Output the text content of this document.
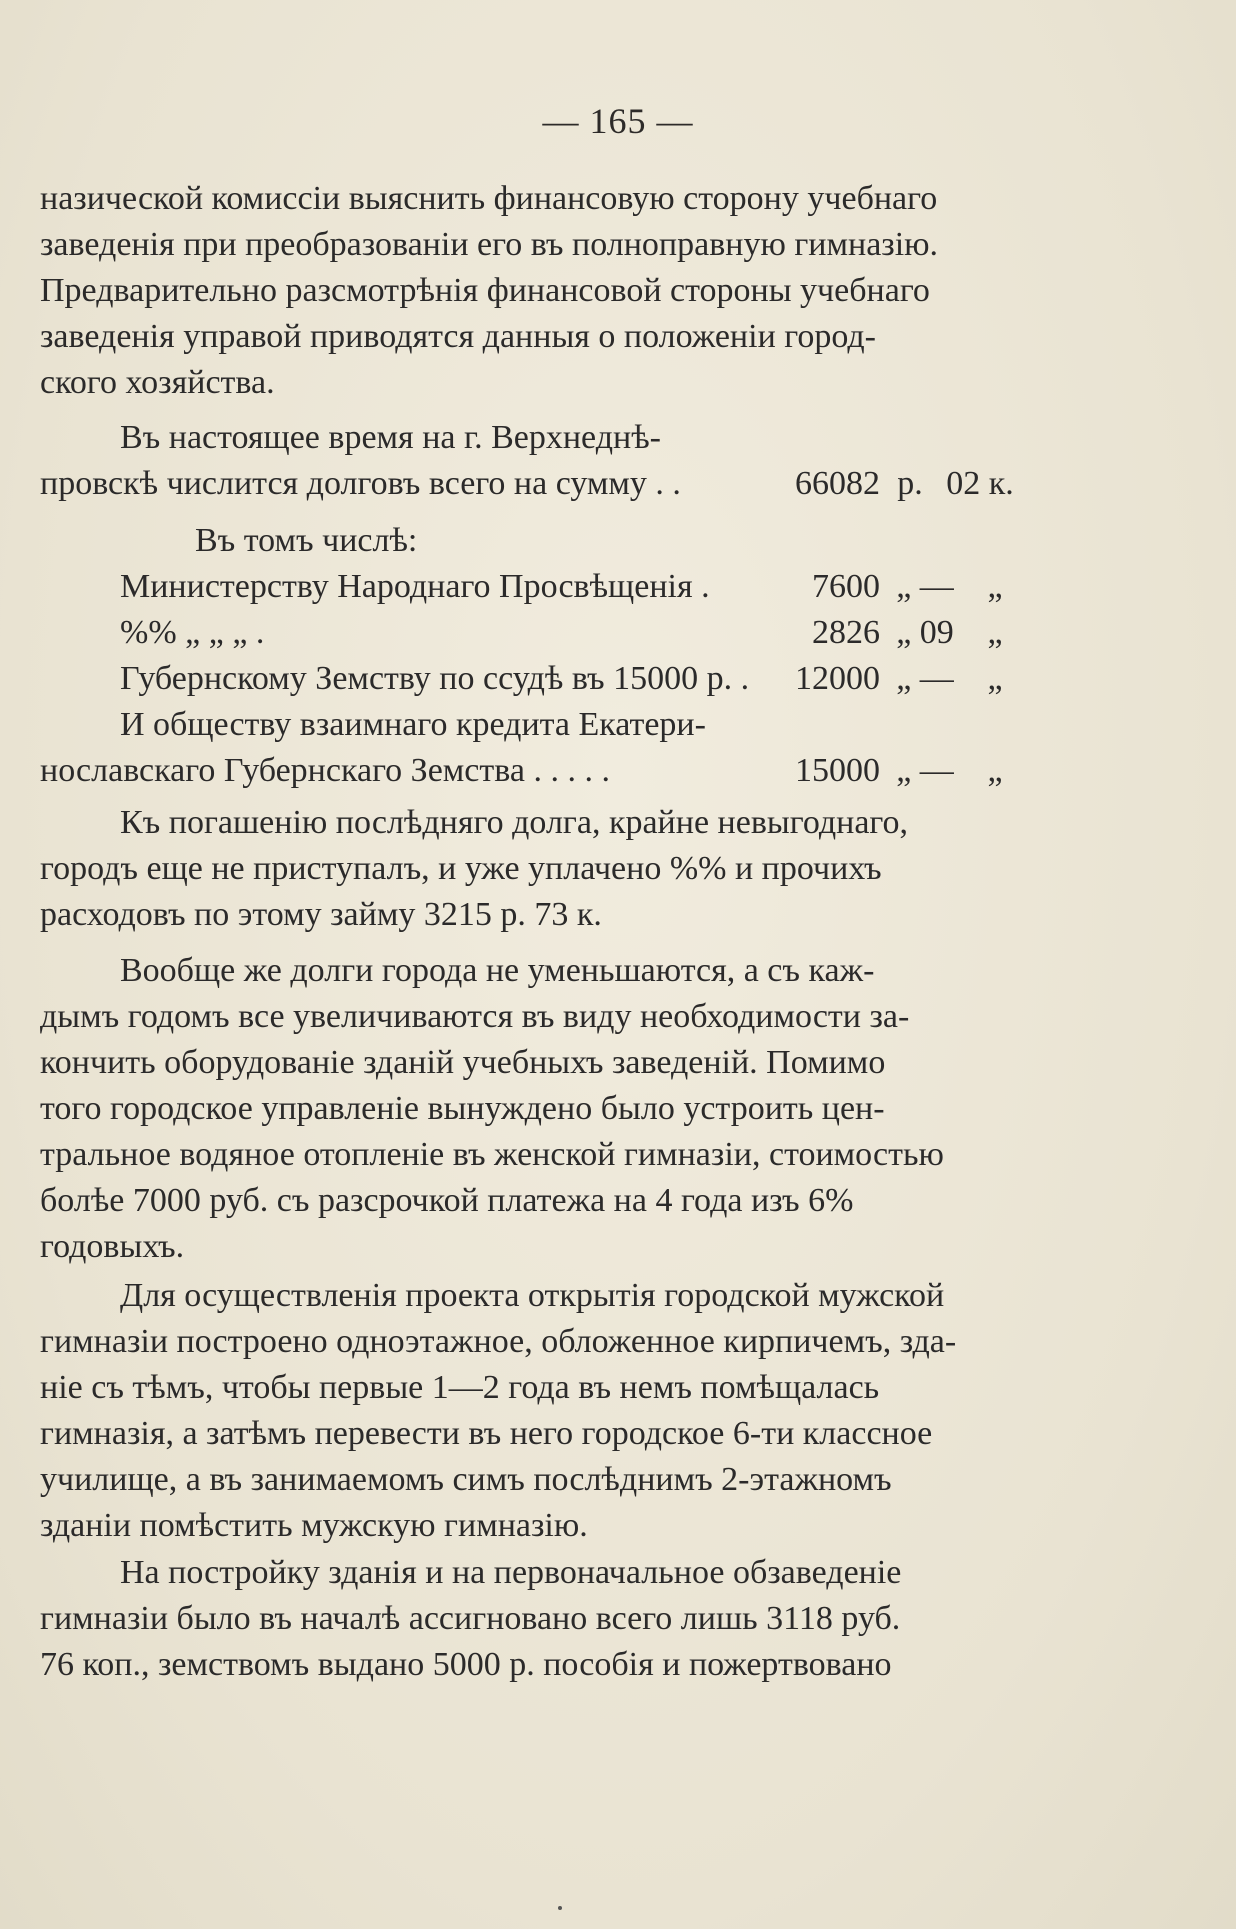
— 165 —
назической комиссіи выяснить финансовую сторону учебнаго
заведенія при преобразованіи его въ полноправную гимназію.
Предварительно разсмотрѣнія финансовой стороны учебнаго
заведенія управой приводятся данныя о положеніи город-
ского хозяйства.
Въ настоящее время на г. Верхнеднѣ-
провскѣ числится долговъ всего на сумму . .	66082 р. 02 к.
Въ томъ числѣ:
Министерству Народнаго Просвѣщенія .	7600 „ — „
%% „ „ „ .	2826 „ 09 „
Губернскому Земству по ссудѣ въ 15000 р. .	12000 „ — „
И обществу взаимнаго кредита Екатери-
нославскаго Губернскаго Земства . . . . .	15000 „ — „
Къ погашенію послѣдняго долга, крайне невыгоднаго,
городъ еще не приступалъ, и уже уплачено %% и прочихъ
расходовъ по этому займу 3215 р. 73 к.
Вообще же долги города не уменьшаются, а съ каж-
дымъ годомъ все увеличиваются въ виду необходимости за-
кончить оборудованіе зданій учебныхъ заведеній. Помимо
того городское управленіе вынуждено было устроить цен-
тральное водяное отопленіе въ женской гимназіи, стоимостью
болѣе 7000 руб. съ разсрочкой платежа на 4 года изъ 6%
годовыхъ.
Для осуществленія проекта открытія городской мужской
гимназіи построено одноэтажное, обложенное кирпичемъ, зда-
ніе съ тѣмъ, чтобы первые 1—2 года въ немъ помѣщалась
гимназія, а затѣмъ перевести въ него городское 6-ти классное
училище, а въ занимаемомъ симъ послѣднимъ 2-этажномъ
зданіи помѣстить мужскую гимназію.
На постройку зданія и на первоначальное обзаведеніе
гимназіи было въ началѣ ассигновано всего лишь 3118 руб.
76 коп., земствомъ выдано 5000 р. пособія и пожертвовано
